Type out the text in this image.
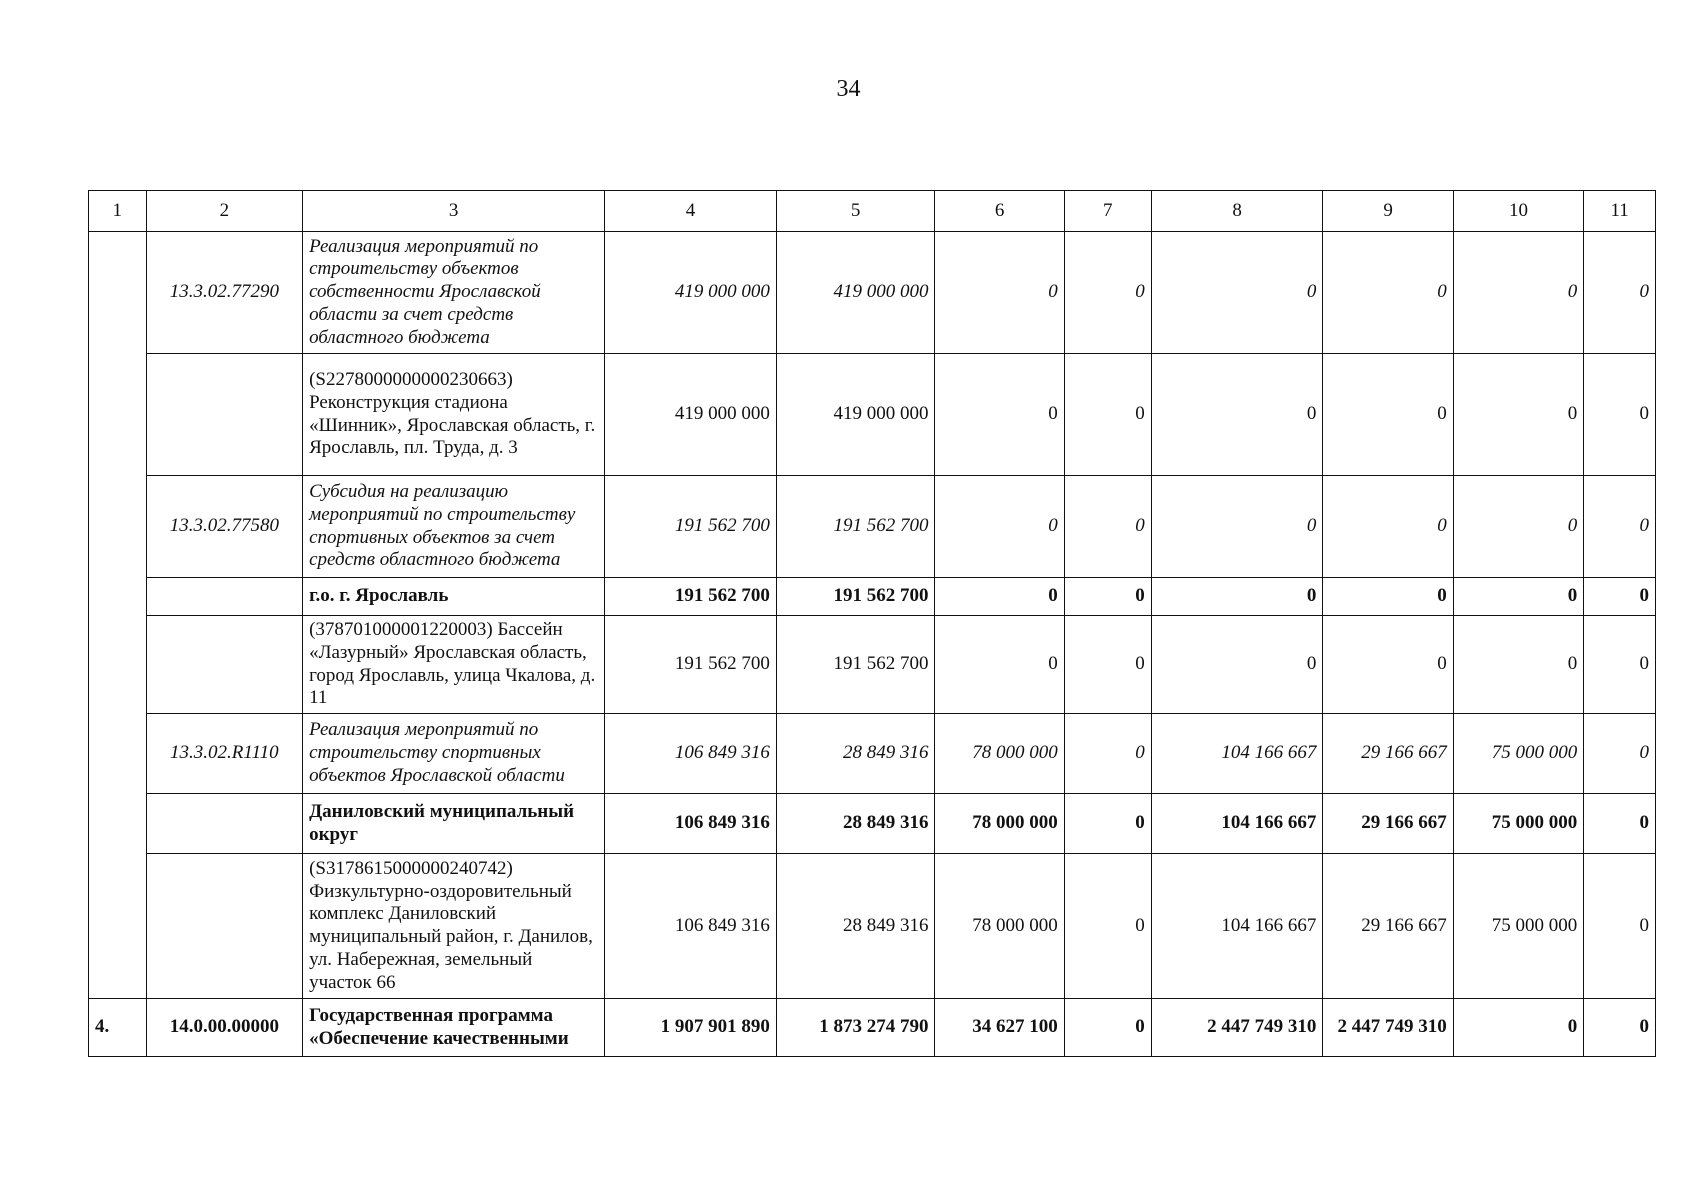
34
1	2	3	4	5	6	7	8	9	10	11
	13.3.02.77290	Реализация мероприятий по строительству объектов собственности Ярославской области за счет средств областного бюджета	419 000 000	419 000 000	0	0	0	0	0	0
		(S2278000000000230663) Реконструкция стадиона «Шинник», Ярославская область, г. Ярославль, пл. Труда, д. 3	419 000 000	419 000 000	0	0	0	0	0	0
	13.3.02.77580	Субсидия на реализацию мероприятий по строительству спортивных объектов за счет средств областного бюджета	191 562 700	191 562 700	0	0	0	0	0	0
		г.о. г. Ярославль	191 562 700	191 562 700	0	0	0	0	0	0
		(378701000001220003) Бассейн «Лазурный» Ярославская область, город Ярославль, улица Чкалова, д. 11	191 562 700	191 562 700	0	0	0	0	0	0
	13.3.02.R1110	Реализация мероприятий по строительству спортивных объектов Ярославской области	106 849 316	28 849 316	78 000 000	0	104 166 667	29 166 667	75 000 000	0
		Даниловский муниципальный округ	106 849 316	28 849 316	78 000 000	0	104 166 667	29 166 667	75 000 000	0
		(S3178615000000240742) Физкультурно-оздоровительный комплекс Даниловский муниципальный район, г. Данилов, ул. Набережная, земельный участок 66	106 849 316	28 849 316	78 000 000	0	104 166 667	29 166 667	75 000 000	0
4.	14.0.00.00000	Государственная программа «Обеспечение качественными	1 907 901 890	1 873 274 790	34 627 100	0	2 447 749 310	2 447 749 310	0	0
